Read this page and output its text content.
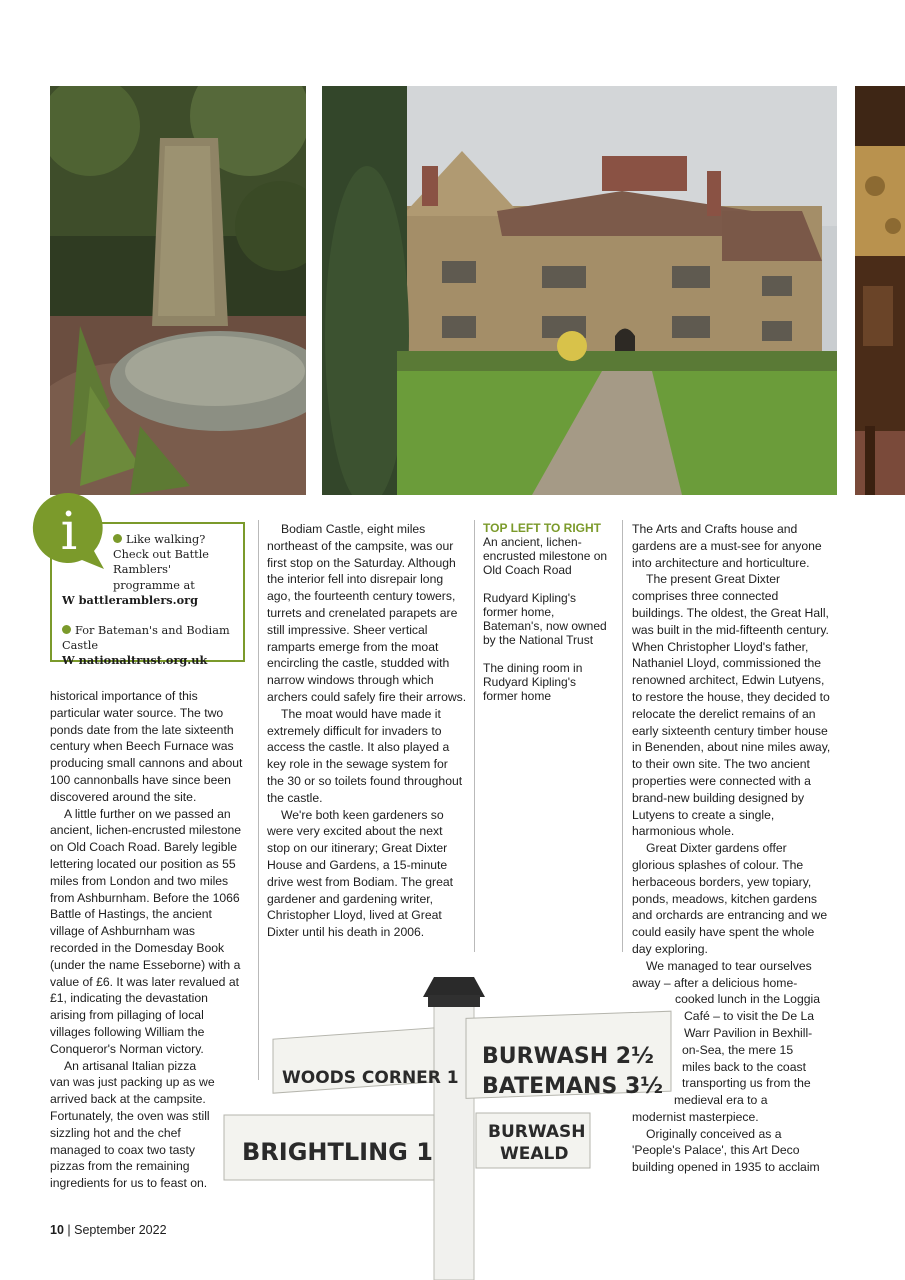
Like walking? Check out Battle Ramblers' programme at
W battleramblers.org
For Bateman's and Bodiam Castle
W nationaltrust.org.uk
i

historical importance of this particular water source. The two ponds date from the late sixteenth century when Beech Furnace was producing small cannons and about 100 cannonballs have since been discovered around the site.

A little further on we passed an ancient, lichen-encrusted milestone on Old Coach Road. Barely legible lettering located our position as 55 miles from London and two miles from Ashburnham. Before the 1066 Battle of Hastings, the ancient village of Ashburnham was recorded in the Domesday Book (under the name Esseborne) with a value of £6. It was later revalued at £1, indicating the devastation arising from pillaging of local villages following William the Conqueror's Norman victory.

An artisanal Italian pizza van was just packing up as we arrived back at the campsite. Fortunately, the oven was still sizzling hot and the chef managed to coax two tasty pizzas from the remaining ingredients for us to feast on.

Bodiam Castle, eight miles northeast of the campsite, was our first stop on the Saturday. Although the interior fell into disrepair long ago, the fourteenth century towers, turrets and crenelated parapets are still impressive. Sheer vertical ramparts emerge from the moat encircling the castle, studded with narrow windows through which archers could safely fire their arrows.

The moat would have made it extremely difficult for invaders to access the castle. It also played a key role in the sewage system for the 30 or so toilets found throughout the castle.

We're both keen gardeners so were very excited about the next stop on our itinerary; Great Dixter House and Gardens, a 15-minute drive west from Bodiam. The great gardener and gardening writer, Christopher Lloyd, lived at Great Dixter until his death in 2006.

TOP LEFT TO RIGHT

An ancient, lichen-encrusted milestone on Old Coach Road

Rudyard Kipling's former home, Bateman's, now owned by the National Trust

The dining room in Rudyard Kipling's former home

The Arts and Crafts house and gardens are a must-see for anyone into architecture and horticulture.

The present Great Dixter comprises three connected buildings. The oldest, the Great Hall, was built in the mid-fifteenth century. When Christopher Lloyd's father, Nathaniel Lloyd, commissioned the renowned architect, Edwin Lutyens, to restore the house, they decided to relocate the derelict remains of an early sixteenth century timber house in Benenden, about nine miles away, to their own site. The two ancient properties were connected with a brand-new building designed by Lutyens to create a single, harmonious whole.

Great Dixter gardens offer glorious splashes of colour. The herbaceous borders, yew topiary, ponds, meadows, kitchen gardens and orchards are entrancing and we could easily have spent the whole day exploring.

We managed to tear ourselves away – after a delicious home-

cooked lunch in the Loggia

Café – to visit the De La

Warr Pavilion in Bexhill-

on-Sea, the mere 15

miles back to the coast

transporting us from the

medieval era to a

modernist masterpiece.

Originally conceived as a 'People's Palace', this Art Deco building opened in 1935 to acclaim

WOODS CORNER 1
BURWASH 2½
BATEMANS 3½
BRIGHTLING 1
BURWASH
WEALD
10 | September 2022
